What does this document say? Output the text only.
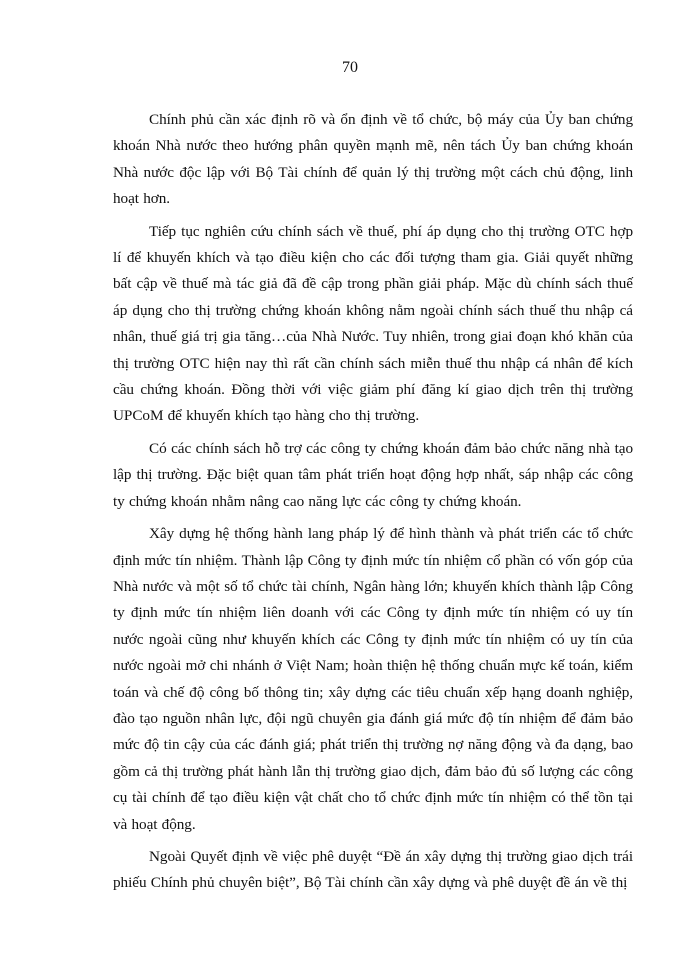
70

Chính phủ cần xác định rõ và ổn định về tổ chức, bộ máy của Ủy ban chứng khoán Nhà nước theo hướng phân quyền mạnh mẽ, nên tách Ủy ban chứng khoán Nhà nước độc lập với Bộ Tài chính để quản lý thị trường một cách chủ động, linh hoạt hơn.

Tiếp tục nghiên cứu chính sách về thuế, phí áp dụng cho thị trường OTC hợp lí để khuyến khích và tạo điều kiện cho các đối tượng tham gia. Giải quyết những bất cập về thuế mà tác giả đã đề cập trong phần giải pháp. Mặc dù chính sách thuế áp dụng cho thị trường chứng khoán không nằm ngoài chính sách thuế thu nhập cá nhân, thuế giá trị gia tăng…của Nhà Nước. Tuy nhiên, trong giai đoạn khó khăn của thị trường OTC hiện nay thì rất cần chính sách miễn thuế thu nhập cá nhân để kích cầu chứng khoán. Đồng thời với việc giảm phí đăng kí giao dịch trên thị trường UPCoM để khuyến khích tạo hàng cho thị trường.

Có các chính sách hỗ trợ các công ty chứng khoán đảm bảo chức năng nhà tạo lập thị trường. Đặc biệt quan tâm phát triển hoạt động hợp nhất, sáp nhập các công ty chứng khoán nhằm nâng cao năng lực các công ty chứng khoán.

Xây dựng hệ thống hành lang pháp lý để hình thành và phát triển các tổ chức định mức tín nhiệm. Thành lập Công ty định mức tín nhiệm cổ phần có vốn góp của Nhà nước và một số tổ chức tài chính, Ngân hàng lớn; khuyến khích thành lập Công ty định mức tín nhiệm liên doanh với các Công ty định mức tín nhiệm có uy tín nước ngoài cũng như khuyến khích các Công ty định mức tín nhiệm có uy tín của nước ngoài mở chi nhánh ở Việt Nam; hoàn thiện hệ thống chuẩn mực kế toán, kiểm toán và chế độ công bố thông tin; xây dựng các tiêu chuẩn xếp hạng doanh nghiệp, đào tạo nguồn nhân lực, đội ngũ chuyên gia đánh giá mức độ tín nhiệm để đảm bảo mức độ tin cậy của các đánh giá; phát triển thị trường nợ năng động và đa dạng, bao gồm cả thị trường phát hành lẫn thị trường giao dịch, đảm bảo đủ số lượng các công cụ tài chính để tạo điều kiện vật chất cho tổ chức định mức tín nhiệm có thể tồn tại và hoạt động.

Ngoài Quyết định về việc phê duyệt “Đề án xây dựng thị trường giao dịch trái phiếu Chính phủ chuyên biệt”, Bộ Tài chính cần xây dựng và phê duyệt đề án về thị
